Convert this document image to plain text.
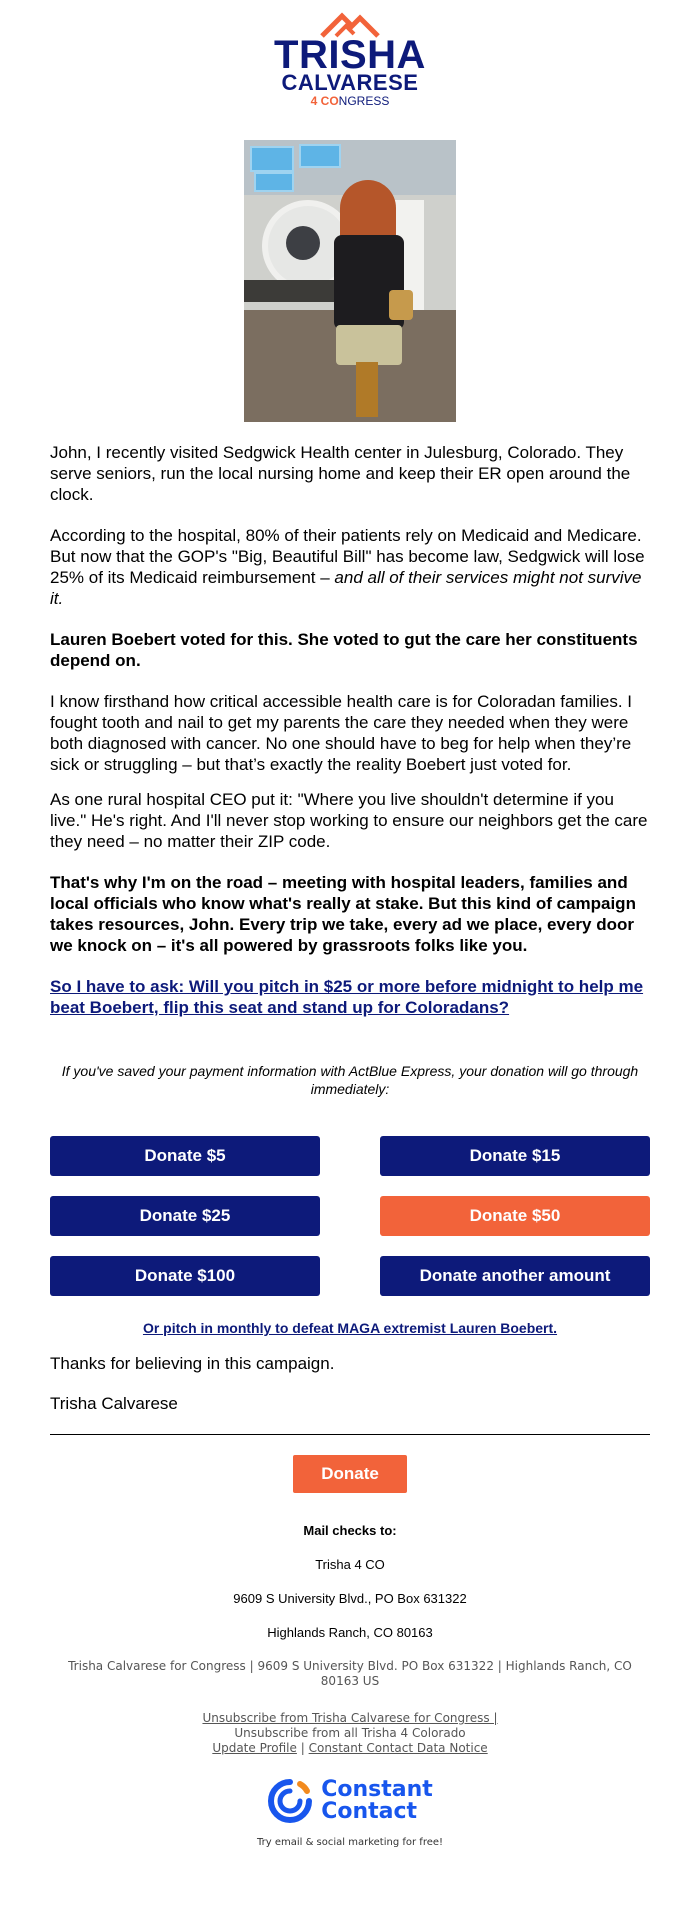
TRISHA
CALVARESE
4 CONGRESS

John, I recently visited Sedgwick Health center in Julesburg, Colorado. They serve seniors, run the local nursing home and keep their ER open around the clock.

According to the hospital, 80% of their patients rely on Medicaid and Medicare. But now that the GOP's "Big, Beautiful Bill" has become law, Sedgwick will lose 25% of its Medicaid reimbursement – and all of their services might not survive it.

Lauren Boebert voted for this. She voted to gut the care her constituents depend on.

I know firsthand how critical accessible health care is for Coloradan families. I fought tooth and nail to get my parents the care they needed when they were both diagnosed with cancer. No one should have to beg for help when they’re sick or struggling – but that’s exactly the reality Boebert just voted for.

As one rural hospital CEO put it: "Where you live shouldn't determine if you live." He's right. And I'll never stop working to ensure our neighbors get the care they need – no matter their ZIP code.

That's why I'm on the road – meeting with hospital leaders, families and local officials who know what's really at stake. But this kind of campaign takes resources, John. Every trip we take, every ad we place, every door we knock on – it's all powered by grassroots folks like you.

So I have to ask: Will you pitch in $25 or more before midnight to help me beat Boebert, flip this seat and stand up for Coloradans?
If you've saved your payment information with ActBlue Express, your donation will go through immediately:
Donate $5	Donate $15
Donate $25	Donate $50
Donate $100	Donate another amount
Or pitch in monthly to defeat MAGA extremist Lauren Boebert.
Thanks for believing in this campaign.
Trisha Calvarese
Donate
Mail checks to:
Trisha 4 CO
9609 S University Blvd., PO Box 631322
Highlands Ranch, CO 80163
Trisha Calvarese for Congress | 9609 S University Blvd. PO Box 631322 | Highlands Ranch, CO 80163 US
Unsubscribe from Trisha Calvarese for Congress |
Unsubscribe from all Trisha 4 Colorado
Update Profile | Constant Contact Data Notice
Constant
Contact
Try email & social marketing for free!
